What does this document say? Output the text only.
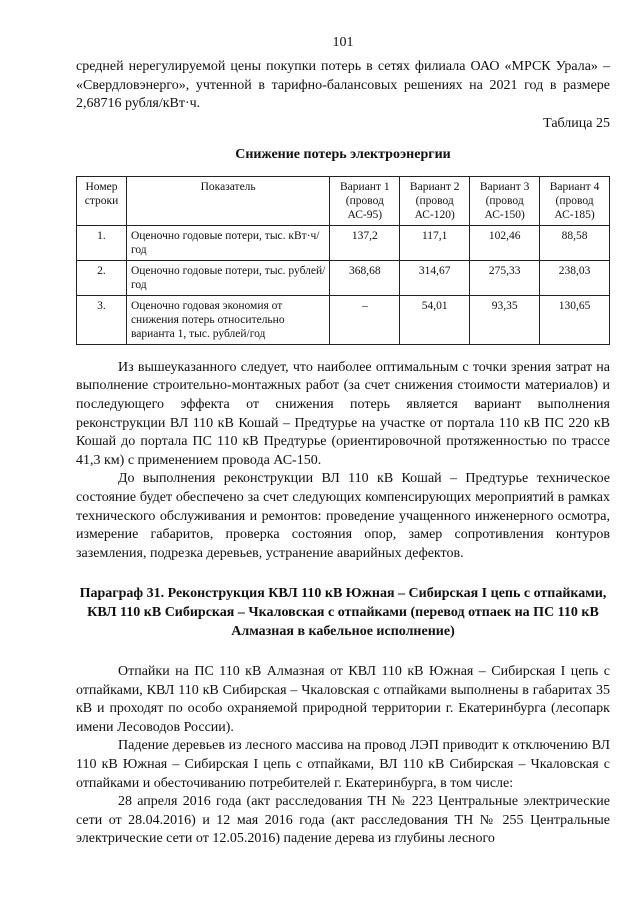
101

средней нерегулируемой цены покупки потерь в сетях филиала ОАО «МРСК Урала» – «Свердловэнерго», учтенной в тарифно-балансовых решениях на 2021 год в размере 2,68716 рубля/кВт·ч.

Таблица 25

Снижение потерь электроэнергии
Номер строки	Показатель	Вариант 1 (провод АС-95)	Вариант 2 (провод АС-120)	Вариант 3 (провод АС-150)	Вариант 4 (провод АС-185)
1.	Оценочно годовые потери, тыс. кВт·ч/год	137,2	117,1	102,46	88,58
2.	Оценочно годовые потери, тыс. рублей/год	368,68	314,67	275,33	238,03
3.	Оценочно годовая экономия от снижения потерь относительно варианта 1, тыс. рублей/год	–	54,01	93,35	130,65

Из вышеуказанного следует, что наиболее оптимальным с точки зрения затрат на выполнение строительно-монтажных работ (за счет снижения стоимости материалов) и последующего эффекта от снижения потерь является вариант выполнения реконструкции ВЛ 110 кВ Кошай – Предтурье на участке от портала 110 кВ ПС 220 кВ Кошай до портала ПС 110 кВ Предтурье (ориентировочной протяженностью по трассе 41,3 км) с применением провода АС-150.

До выполнения реконструкции ВЛ 110 кВ Кошай – Предтурье техническое состояние будет обеспечено за счет следующих компенсирующих мероприятий в рамках технического обслуживания и ремонтов: проведение учащенного инженерного осмотра, измерение габаритов, проверка состояния опор, замер сопротивления контуров заземления, подрезка деревьев, устранение аварийных дефектов.

Параграф 31. Реконструкция КВЛ 110 кВ Южная – Сибирская I цепь с отпайками, КВЛ 110 кВ Сибирская – Чкаловская с отпайками (перевод отпаек на ПС 110 кВ Алмазная в кабельное исполнение)

Отпайки на ПС 110 кВ Алмазная от КВЛ 110 кВ Южная – Сибирская I цепь с отпайками, КВЛ 110 кВ Сибирская – Чкаловская с отпайками выполнены в габаритах 35 кВ и проходят по особо охраняемой природной территории г. Екатеринбурга (лесопарк имени Лесоводов России).

Падение деревьев из лесного массива на провод ЛЭП приводит к отключению ВЛ 110 кВ Южная – Сибирская I цепь с отпайками, ВЛ 110 кВ Сибирская – Чкаловская с отпайками и обесточиванию потребителей г. Екатеринбурга, в том числе:

28 апреля 2016 года (акт расследования ТН № 223 Центральные электрические сети от 28.04.2016) и 12 мая 2016 года (акт расследования ТН № 255 Центральные электрические сети от 12.05.2016) падение дерева из глубины лесного
